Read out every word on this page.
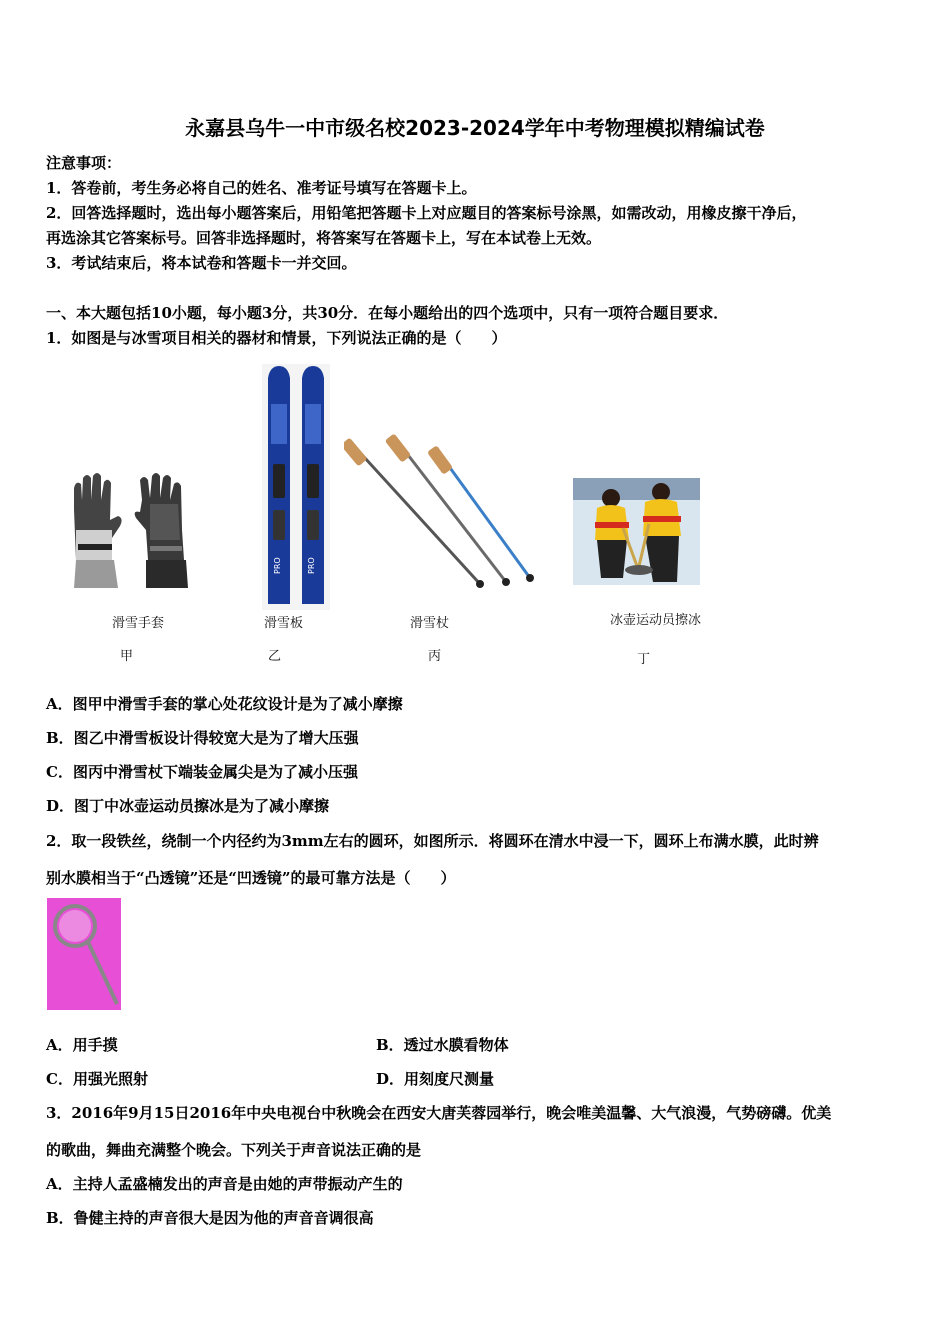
永嘉县乌牛一中市级名校2023-2024学年中考物理模拟精编试卷
注意事项：
1．答卷前，考生务必将自己的姓名、准考证号填写在答题卡上。
2．回答选择题时，选出每小题答案后，用铅笔把答题卡上对应题目的答案标号涂黑，如需改动，用橡皮擦干净后，
再选涂其它答案标号。回答非选择题时，将答案写在答题卡上，写在本试卷上无效。
3．考试结束后，将本试卷和答题卡一并交回。
一、本大题包括10小题，每小题3分，共30分．在每小题给出的四个选项中，只有一项符合题目要求．
1．如图是与冰雪项目相关的器材和情景，下列说法正确的是（　　）
滑雪手套
甲
PRO	PRO
滑雪板
乙
滑雪杖
丙
冰壶运动员擦冰
丁
A．图甲中滑雪手套的掌心处花纹设计是为了减小摩擦
B．图乙中滑雪板设计得较宽大是为了增大压强
C．图丙中滑雪杖下端装金属尖是为了减小压强
D．图丁中冰壶运动员擦冰是为了减小摩擦
2．取一段铁丝，绕制一个内径约为3mm左右的圆环，如图所示．将圆环在清水中浸一下，圆环上布满水膜，此时辨
别水膜相当于“凸透镜”还是“凹透镜”的最可靠方法是（　　）
A．用手摸	B．透过水膜看物体
C．用强光照射	D．用刻度尺测量
3．2016年9月15日2016年中央电视台中秋晚会在西安大唐芙蓉园举行，晚会唯美温馨、大气浪漫，气势磅礴。优美
的歌曲，舞曲充满整个晚会。下列关于声音说法正确的是
A．主持人孟盛楠发出的声音是由她的声带振动产生的
B．鲁健主持的声音很大是因为他的声音音调很高
